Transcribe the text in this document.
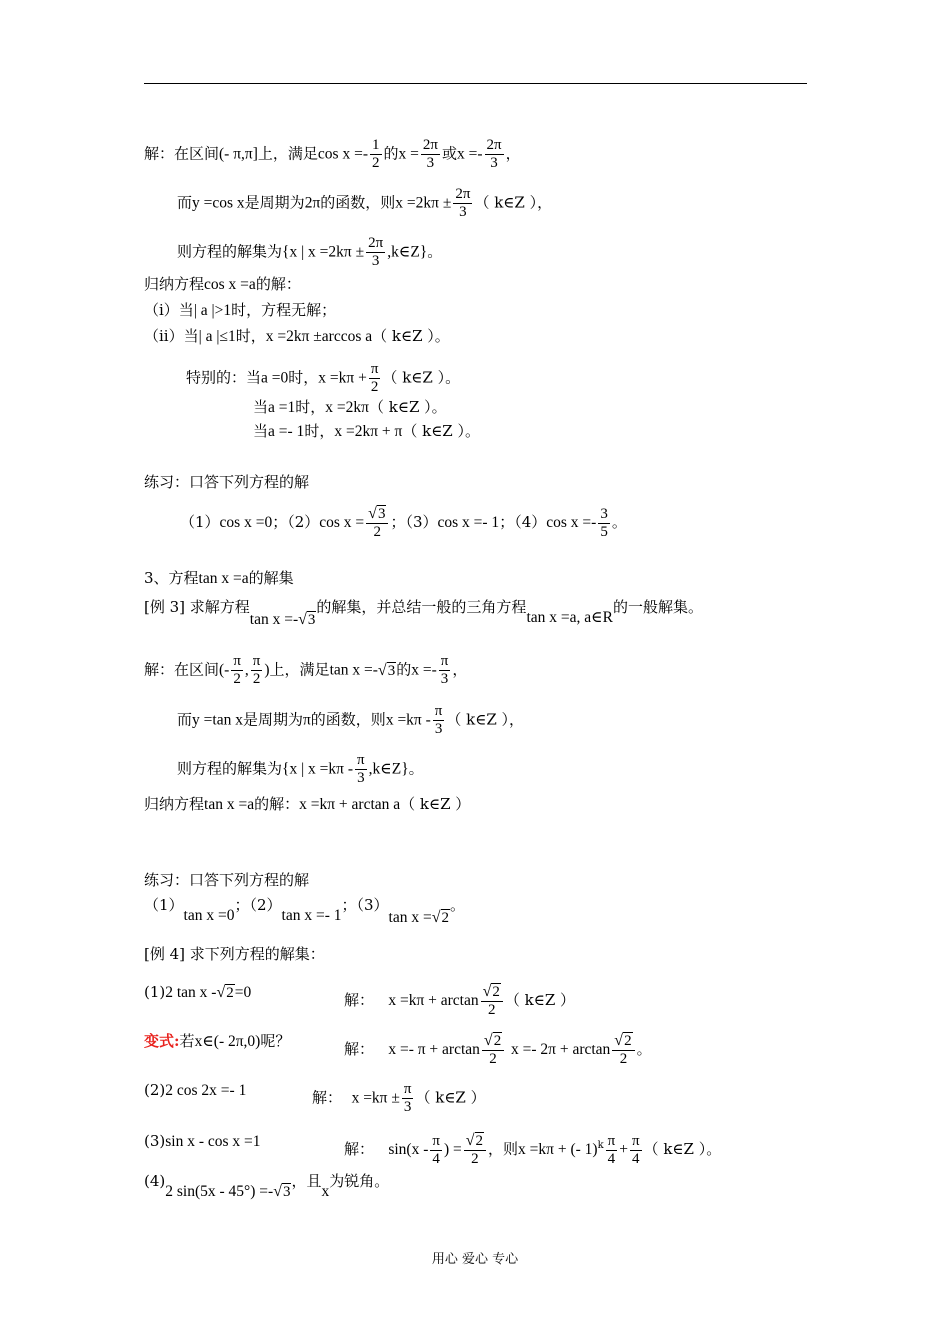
解：在区间(- π,π]上，满足$\cos x =- \frac{1}{2}$ 的$x = \frac{2\pi}{3}$ 或$x =- \frac{2\pi}{3}$ ，
而y =cos x是周期为2π的函数，则$x =2k\pi \pm \frac{2\pi}{3}$ （ k∈Z ），
则方程的解集为{x | $x =2k\pi \pm \frac{2\pi}{3}$ ,k∈Z}。
归纳方程cos x =a的解：
（i）当| a |>1时，方程无解；
（ii）当| a |≤1时，x =2kπ ±arccos a（ k∈Z ）。
特别的：当a =0时，$x =k\pi + \frac{\pi}{2}$ （ k∈Z ）。
当a =1时，x =2kπ（ k∈Z ）。
当a =- 1时，x =2kπ + π（ k∈Z ）。
练习：口答下列方程的解
（1）cos x =0；（2）cos $x = \frac{√3}{2}$ ；（3）cos x =- 1；（4）cos $x =- \frac{3}{5}$ 。
3、方程tan x =a的解集
[例 3] 求解方程tan x =-√3的解集，并总结一般的三角方程tan x =a, a∈R的一般解集。
解：在区间(- $\frac{\pi}{2}$ , $\frac{\pi}{2}$ )上，满足tan x =-√3的$x =- \frac{\pi}{3}$ ，
而y =tan x是周期为π的函数，则$x =k\pi - \frac{\pi}{3}$ （ k∈Z ），
则方程的解集为{x | $x =k\pi - \frac{\pi}{3}$ ,k∈Z}。
归纳方程tan x =a的解：x =kπ + arctan a（ k∈Z ）
练习：口答下列方程的解
（1）tan x =0；（2）tan x =- 1；（3）tan x =√2。
[例 4] 求下列方程的解集：
(1)2 tan x -√2=0	解： $x =k\pi + \arctan \frac{√2}{2}$ （ k∈Z ）
变式:若x∈(- 2π,0)呢？	解： $x =- \pi + \arctan \frac{√2}{2}$ $x =- 2\pi + \arctan \frac{√2}{2}$ 。
(2)2 cos 2x =- 1	解： $x =k\pi \pm \frac{\pi}{3}$ （ k∈Z ）
(3)sin x - cos x =1	解： $\sin(x - \frac{\pi}{4}$ ) = $\frac{√2}{2}$ ，则x =kπ + (- $1)^k \frac{\pi}{4} + \frac{\pi}{4}$ （ k∈Z ）。
(4)2 sin(5x - 45°) =-√3，且x为锐角。
用心 爱心 专心
